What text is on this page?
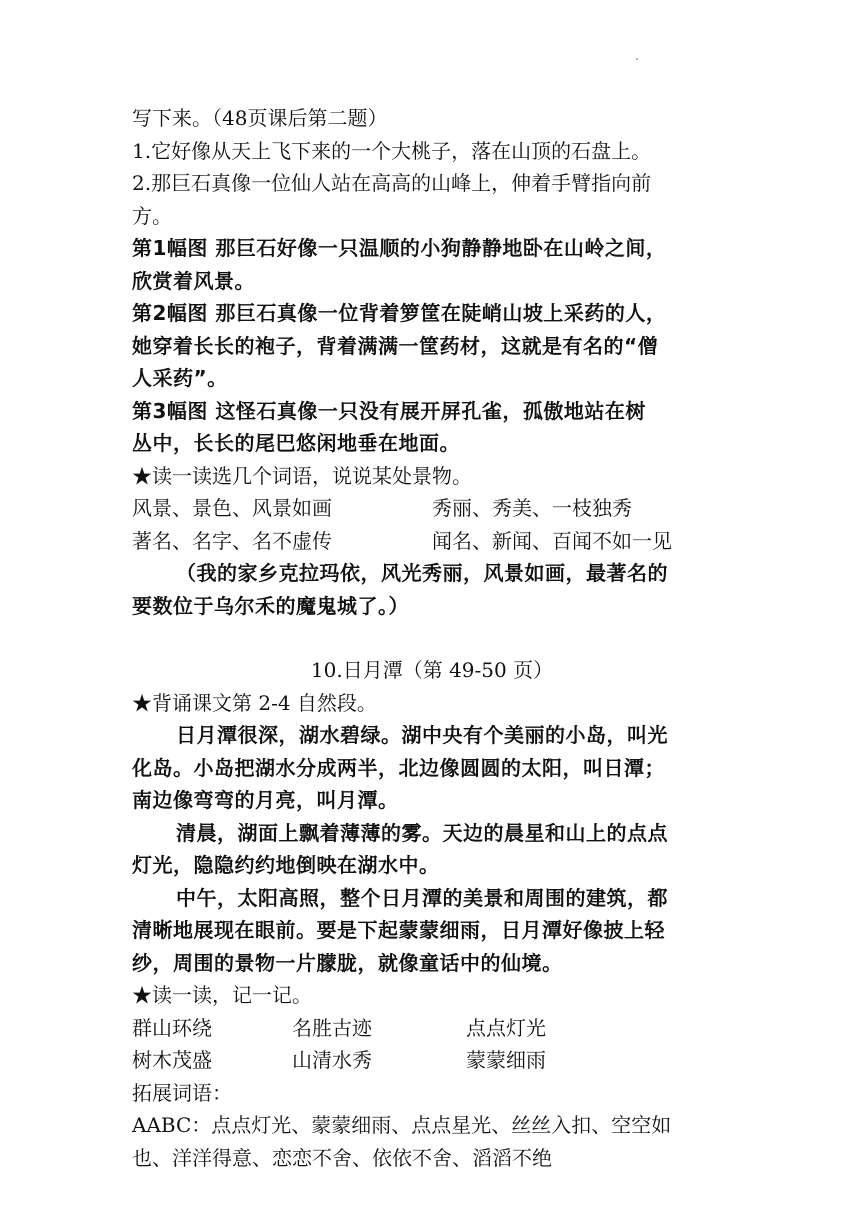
写下来。（48页课后第二题）
1.它好像从天上飞下来的一个大桃子，落在山顶的石盘上。
2.那巨石真像一位仙人站在高高的山峰上，伸着手臂指向前
方。
第1幅图 那巨石好像一只温顺的小狗静静地卧在山岭之间，
欣赏着风景。
第2幅图 那巨石真像一位背着箩筐在陡峭山坡上采药的人，
她穿着长长的袍子，背着满满一筐药材，这就是有名的“僧
人采药”。
第3幅图 这怪石真像一只没有展开屏孔雀，孤傲地站在树
丛中，长长的尾巴悠闲地垂在地面。
★读一读选几个词语，说说某处景物。
风景、景色、风景如画	秀丽、秀美、一枝独秀
著名、名字、名不虚传	闻名、新闻、百闻不如一见
（我的家乡克拉玛依，风光秀丽，风景如画，最著名的
要数位于乌尔禾的魔鬼城了。）
10.日月潭（第 49-50 页）
★背诵课文第 2-4 自然段。
日月潭很深，湖水碧绿。湖中央有个美丽的小岛，叫光
化岛。小岛把湖水分成两半，北边像圆圆的太阳，叫日潭；
南边像弯弯的月亮，叫月潭。
清晨，湖面上飘着薄薄的雾。天边的晨星和山上的点点
灯光，隐隐约约地倒映在湖水中。
中午，太阳高照，整个日月潭的美景和周围的建筑，都
清晰地展现在眼前。要是下起蒙蒙细雨，日月潭好像披上轻
纱，周围的景物一片朦胧，就像童话中的仙境。
★读一读，记一记。
群山环绕	名胜古迹	点点灯光
树木茂盛	山清水秀	蒙蒙细雨
拓展词语：
AABC：点点灯光、蒙蒙细雨、点点星光、丝丝入扣、空空如
也、洋洋得意、恋恋不舍、依依不舍、滔滔不绝
